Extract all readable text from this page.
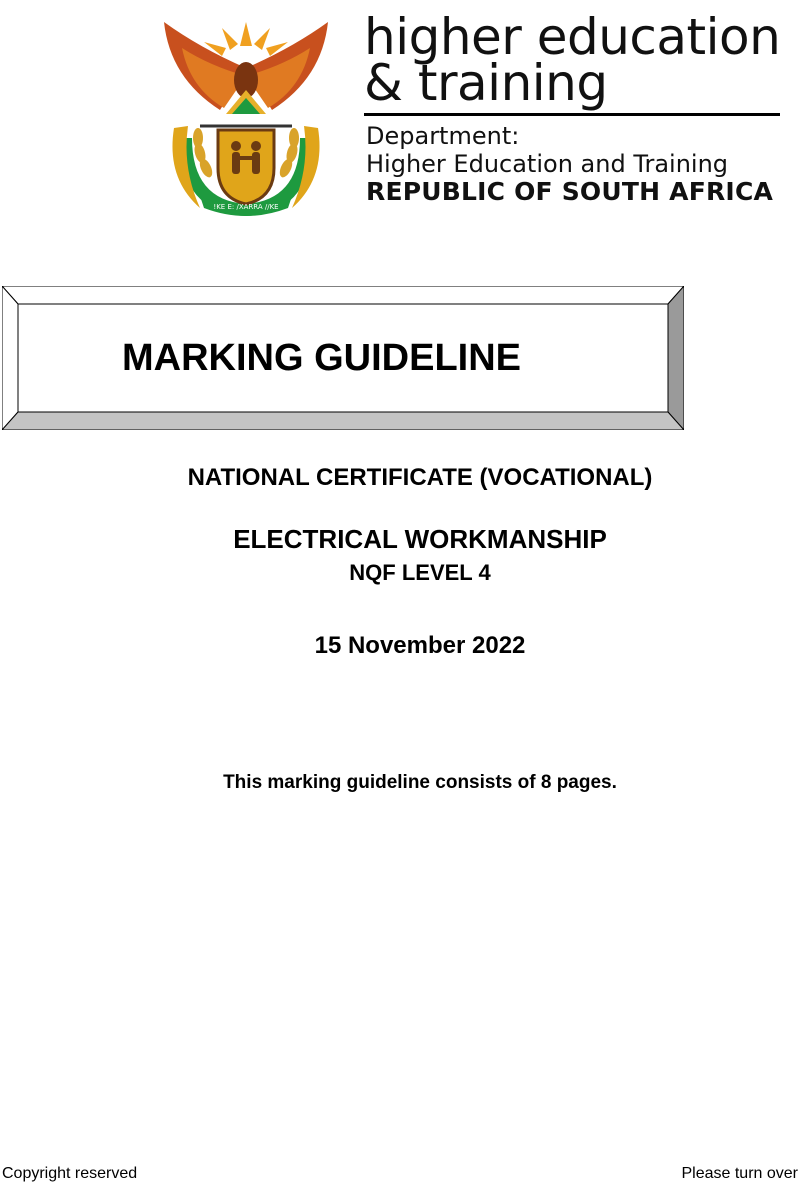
!KE E: /XARRA //KE
higher education
& training
Department:
Higher Education and Training
REPUBLIC OF SOUTH AFRICA
MARKING GUIDELINE
NATIONAL CERTIFICATE (VOCATIONAL)
ELECTRICAL WORKMANSHIP
NQF LEVEL 4
15 November 2022
This marking guideline consists of 8 pages.
Copyright reserved	Please turn over
